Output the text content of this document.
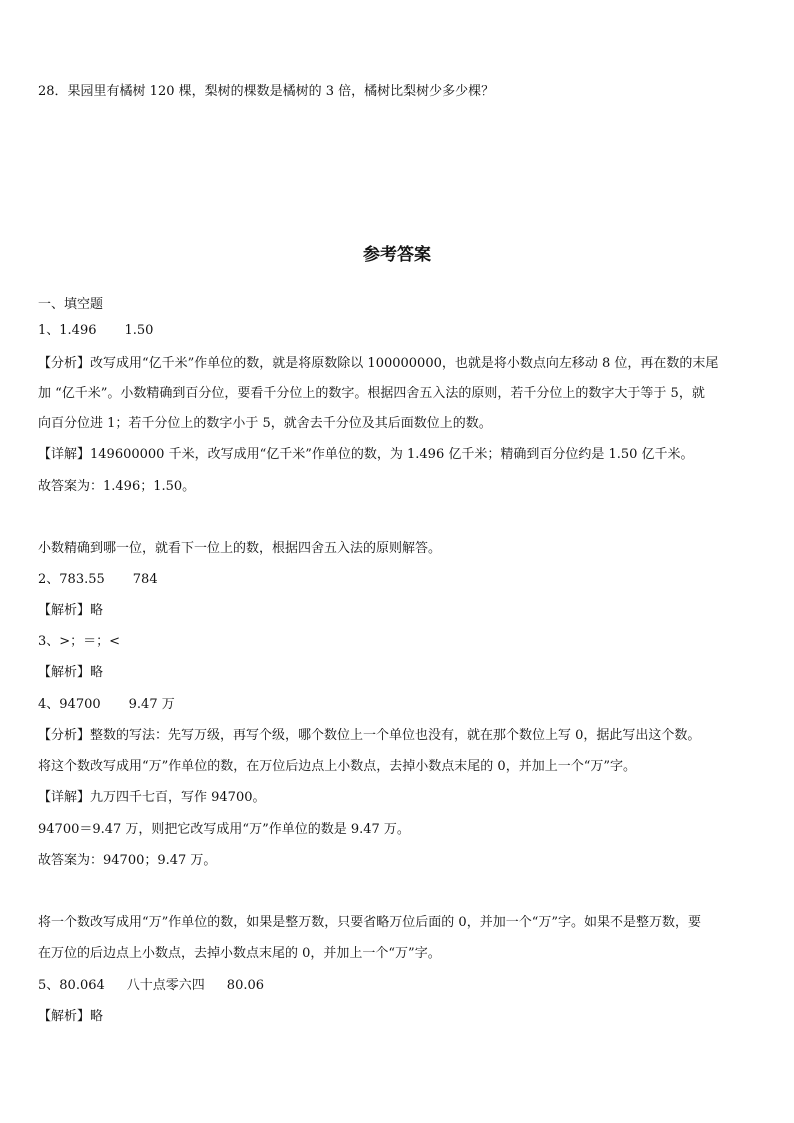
28．果园里有橘树 120 棵，梨树的棵数是橘树的 3 倍，橘树比梨树少多少棵？
参考答案
一、填空题
1、1.496 1.50
【分析】改写成用“亿千米”作单位的数，就是将原数除以 100000000，也就是将小数点向左移动 8 位，再在数的末尾
加 “亿千米”。小数精确到百分位，要看千分位上的数字。根据四舍五入法的原则，若千分位上的数字大于等于 5，就
向百分位进 1；若千分位上的数字小于 5，就舍去千分位及其后面数位上的数。
【详解】149600000 千米，改写成用“亿千米”作单位的数，为 1.496 亿千米；精确到百分位约是 1.50 亿千米。
故答案为：1.496；1.50。
小数精确到哪一位，就看下一位上的数，根据四舍五入法的原则解答。
2、783.55 784
【解析】略
3、>；＝；<
【解析】略
4、94700 9.47 万
【分析】整数的写法：先写万级，再写个级，哪个数位上一个单位也没有，就在那个数位上写 0，据此写出这个数。
将这个数改写成用“万”作单位的数，在万位后边点上小数点，去掉小数点末尾的 0，并加上一个“万”字。
【详解】九万四千七百，写作 94700。
94700＝9.47 万，则把它改写成用“万”作单位的数是 9.47 万。
故答案为：94700；9.47 万。
将一个数改写成用“万”作单位的数，如果是整万数，只要省略万位后面的 0，并加一个“万”字。如果不是整万数，要
在万位的后边点上小数点，去掉小数点末尾的 0，并加上一个“万”字。
5、80.064 八十点零六四 80.06
【解析】略
